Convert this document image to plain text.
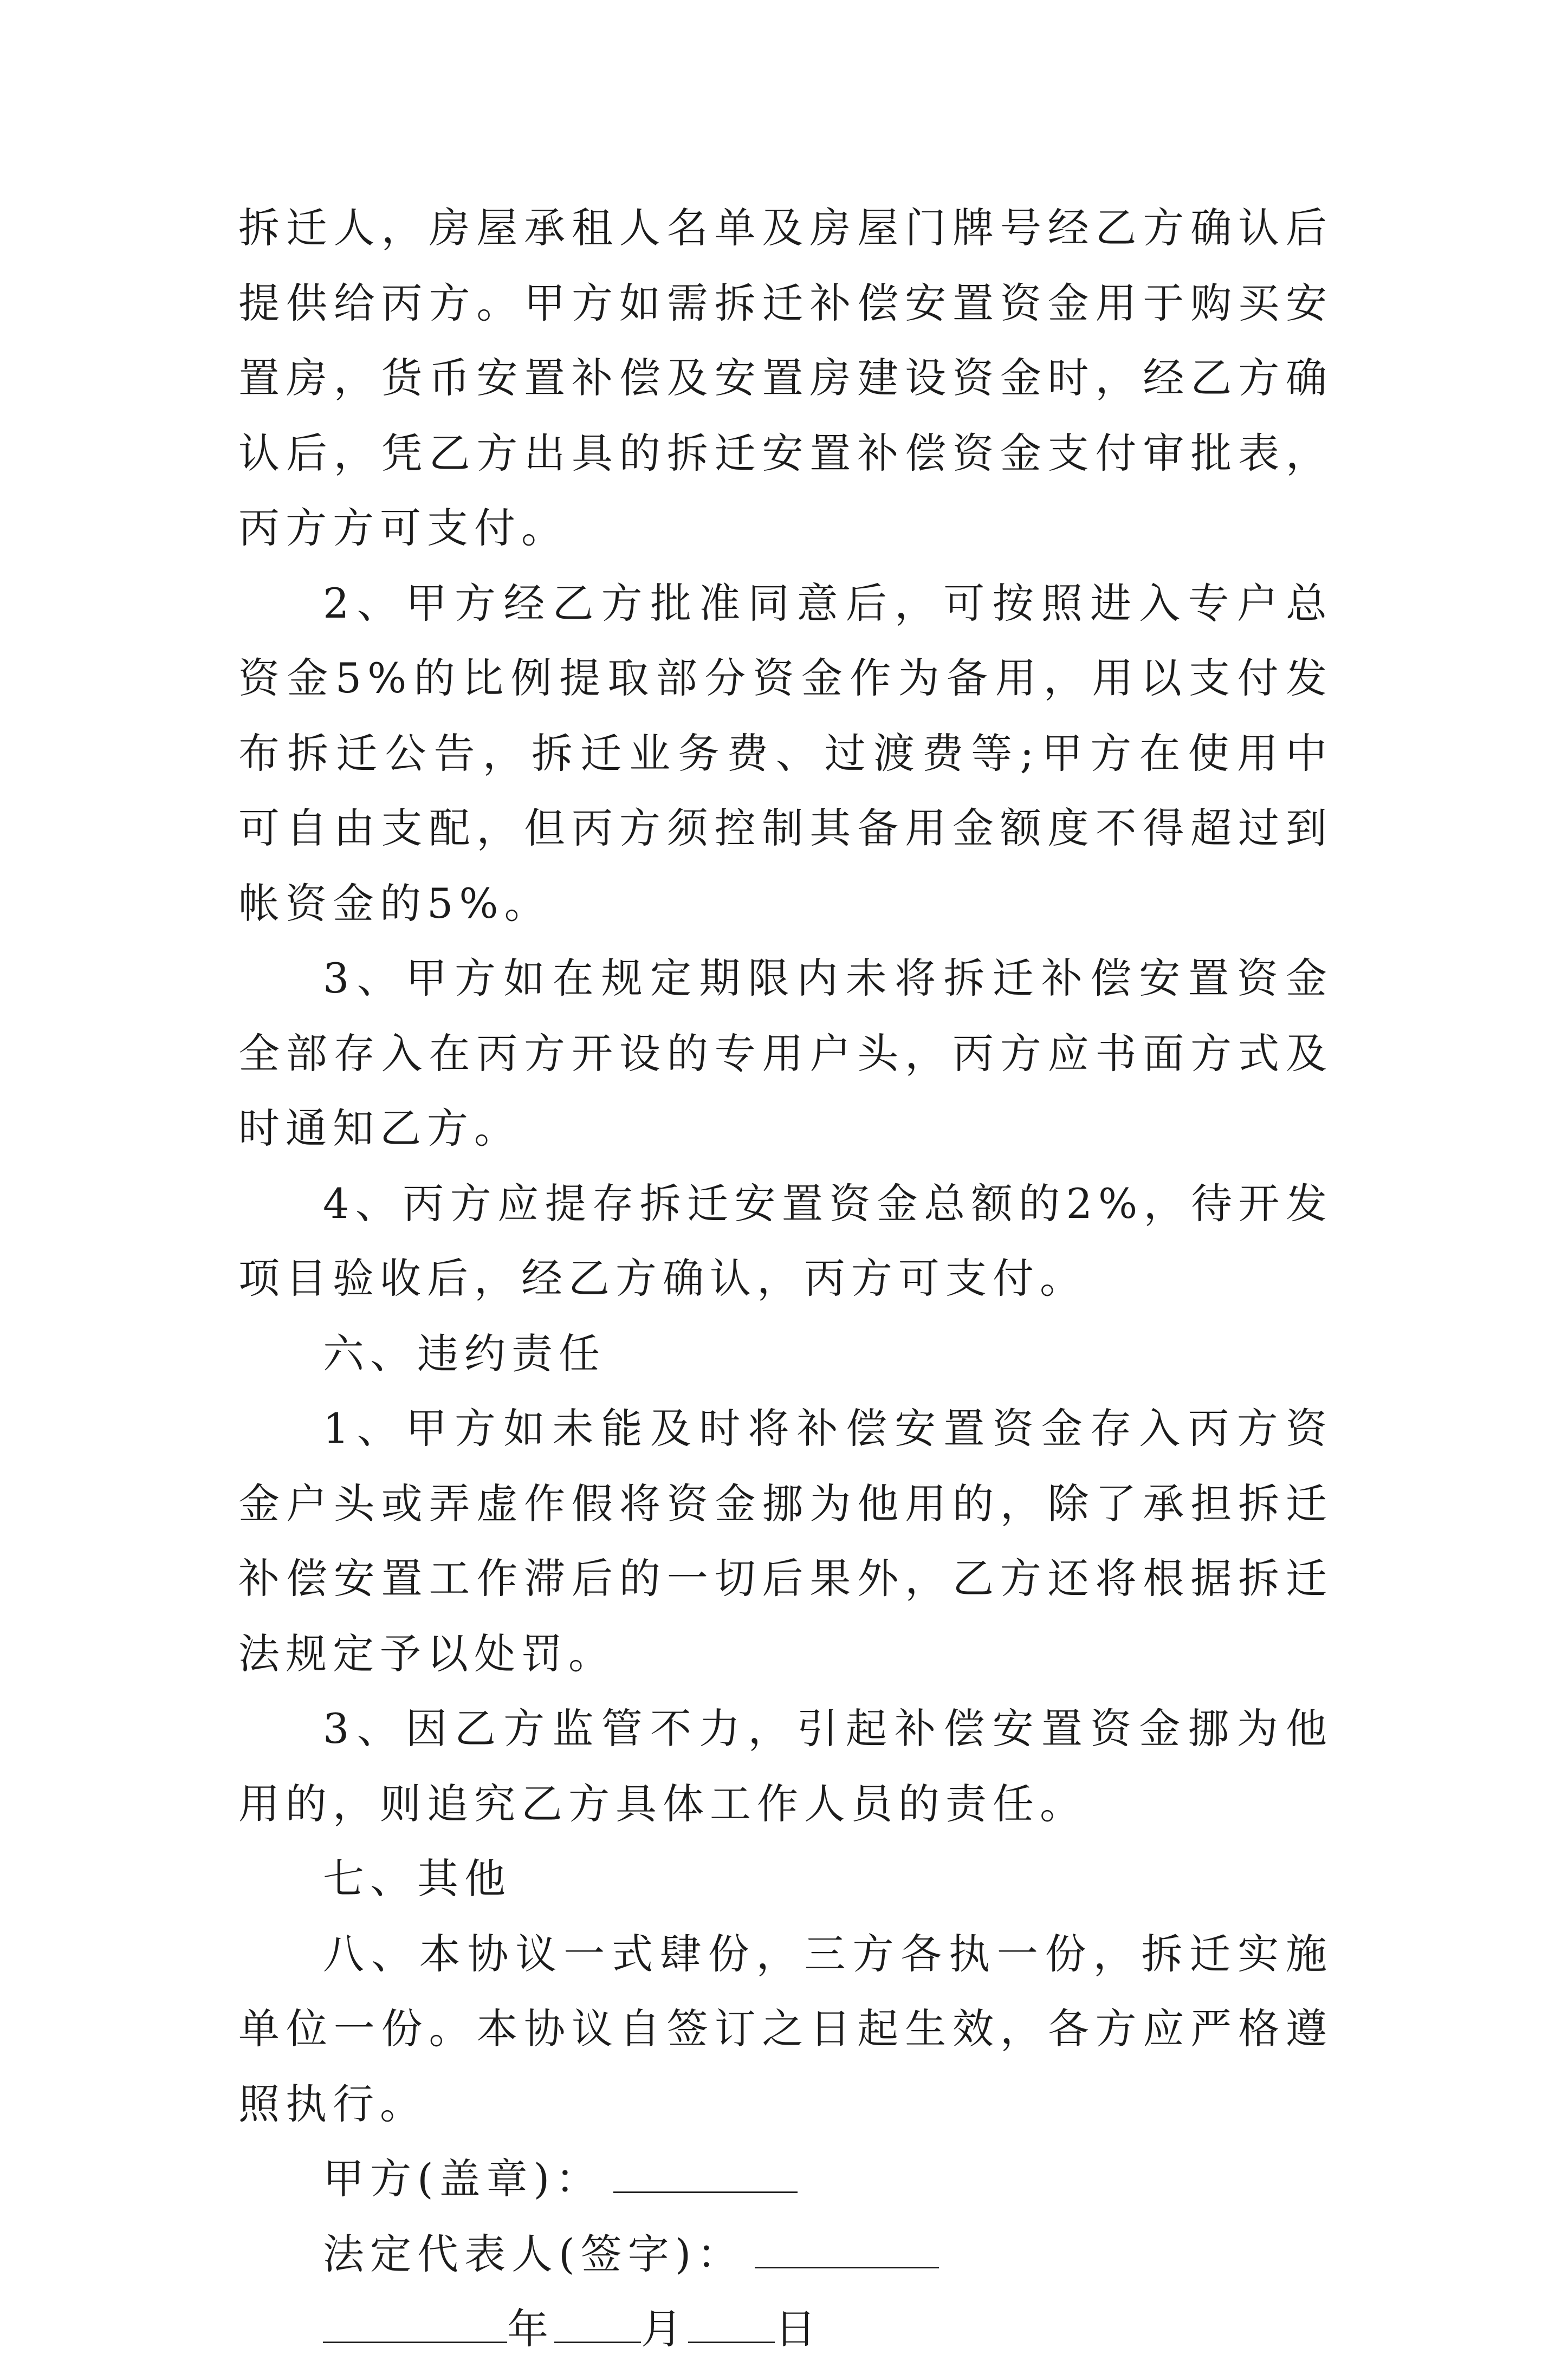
拆迁人，房屋承租人名单及房屋门牌号经乙方确认后提供给丙方。甲方如需拆迁补偿安置资金用于购买安置房，货币安置补偿及安置房建设资金时，经乙方确认后，凭乙方出具的拆迁安置补偿资金支付审批表，丙方方可支付。

2、甲方经乙方批准同意后，可按照进入专户总资金5%的比例提取部分资金作为备用，用以支付发布拆迁公告，拆迁业务费、过渡费等;甲方在使用中可自由支配，但丙方须控制其备用金额度不得超过到帐资金的5%。

3、甲方如在规定期限内未将拆迁补偿安置资金全部存入在丙方开设的专用户头，丙方应书面方式及时通知乙方。

4、丙方应提存拆迁安置资金总额的2%，待开发项目验收后，经乙方确认，丙方可支付。

六、违约责任

1、甲方如未能及时将补偿安置资金存入丙方资金户头或弄虚作假将资金挪为他用的，除了承担拆迁补偿安置工作滞后的一切后果外，乙方还将根据拆迁法规定予以处罚。

3、因乙方监管不力，引起补偿安置资金挪为他用的，则追究乙方具体工作人员的责任。

七、其他

八、本协议一式肆份，三方各执一份，拆迁实施单位一份。本协议自签订之日起生效，各方应严格遵照执行。

甲方(盖章)：
法定代表人(签字)：
年 月 日
